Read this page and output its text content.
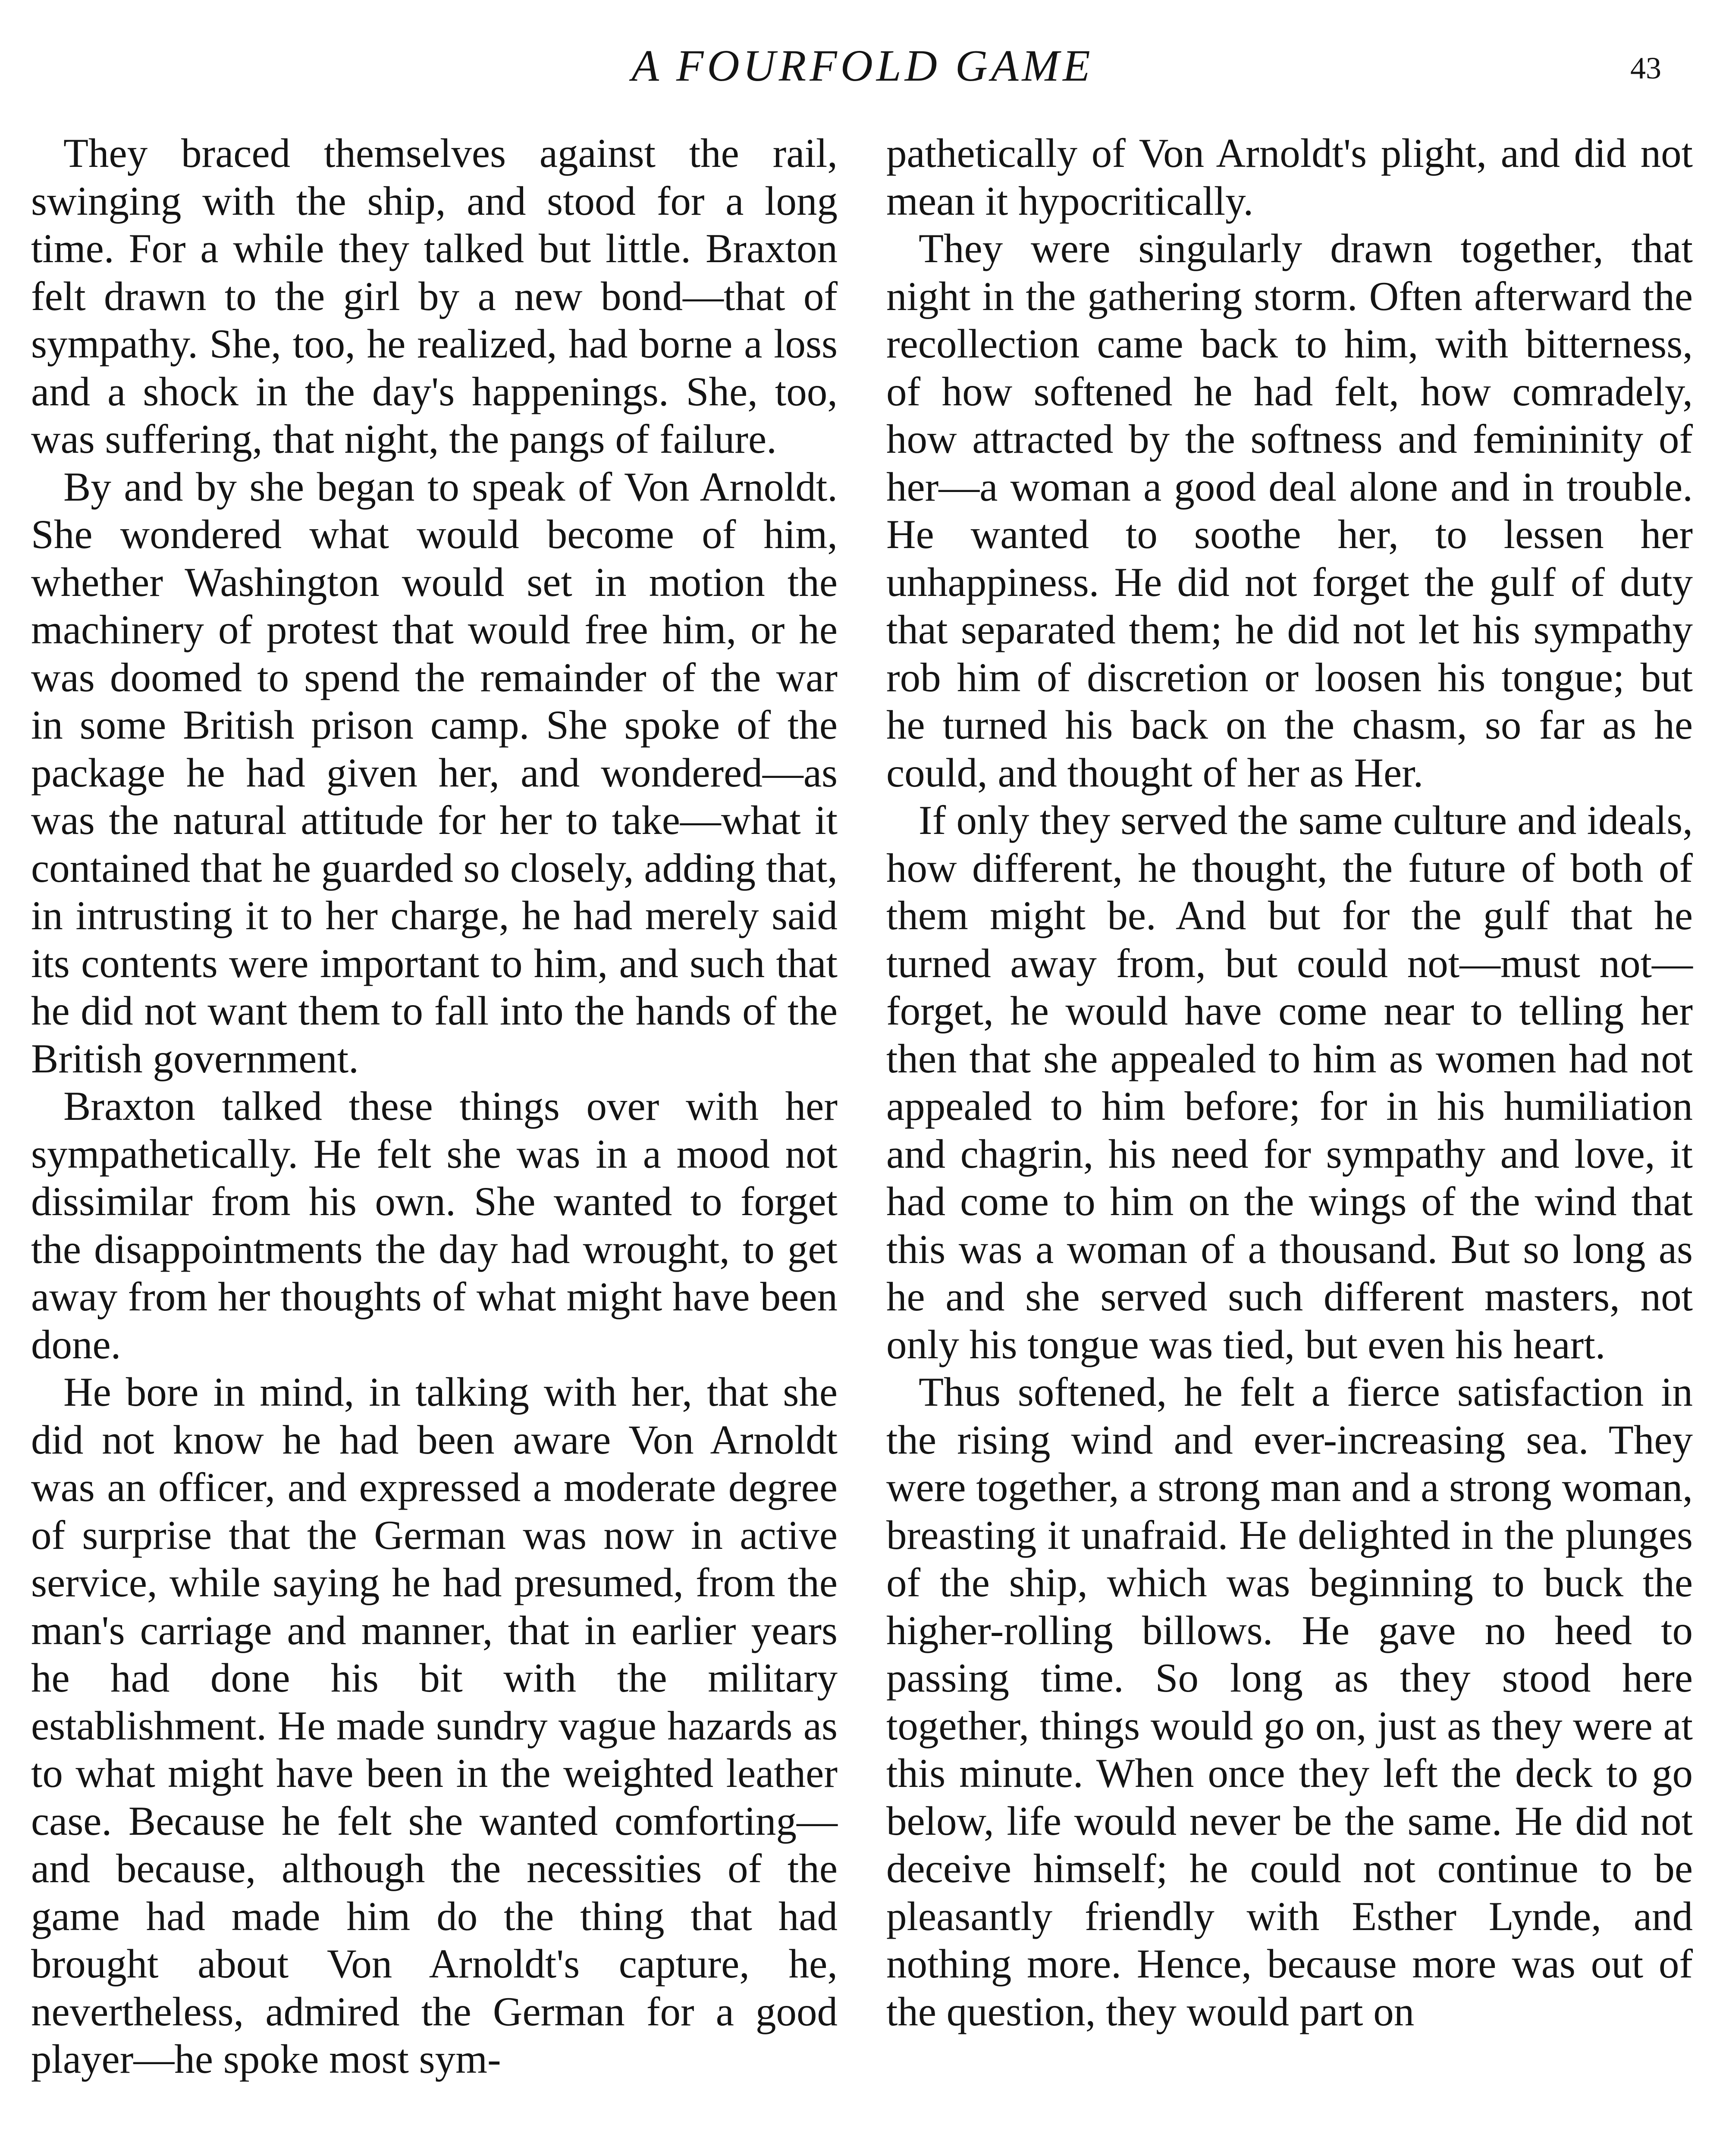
A FOURFOLD GAME	43

They braced themselves against the rail, swinging with the ship, and stood for a long time. For a while they talked but little. Braxton felt drawn to the girl by a new bond—that of sympathy. She, too, he realized, had borne a loss and a shock in the day's happenings. She, too, was suffering, that night, the pangs of failure.

By and by she began to speak of Von Arnoldt. She wondered what would become of him, whether Washington would set in motion the machinery of protest that would free him, or he was doomed to spend the remainder of the war in some British prison camp. She spoke of the package he had given her, and wondered—as was the natural attitude for her to take—what it contained that he guarded so closely, adding that, in intrusting it to her charge, he had merely said its contents were important to him, and such that he did not want them to fall into the hands of the British government.

Braxton talked these things over with her sympathetically. He felt she was in a mood not dissimilar from his own. She wanted to forget the disappointments the day had wrought, to get away from her thoughts of what might have been done.

He bore in mind, in talking with her, that she did not know he had been aware Von Arnoldt was an officer, and expressed a moderate degree of surprise that the German was now in active service, while saying he had presumed, from the man's carriage and manner, that in earlier years he had done his bit with the military establishment. He made sundry vague hazards as to what might have been in the weighted leather case. Because he felt she wanted comforting—and because, although the necessities of the game had made him do the thing that had brought about Von Arnoldt's capture, he, nevertheless, admired the German for a good player—he spoke most sym-

pathetically of Von Arnoldt's plight, and did not mean it hypocritically.

They were singularly drawn together, that night in the gathering storm. Often afterward the recollection came back to him, with bitterness, of how softened he had felt, how comradely, how attracted by the softness and femininity of her—a woman a good deal alone and in trouble. He wanted to soothe her, to lessen her unhappiness. He did not forget the gulf of duty that separated them; he did not let his sympathy rob him of discretion or loosen his tongue; but he turned his back on the chasm, so far as he could, and thought of her as Her.

If only they served the same culture and ideals, how different, he thought, the future of both of them might be. And but for the gulf that he turned away from, but could not—must not—forget, he would have come near to telling her then that she appealed to him as women had not appealed to him before; for in his humiliation and chagrin, his need for sympathy and love, it had come to him on the wings of the wind that this was a woman of a thousand. But so long as he and she served such different masters, not only his tongue was tied, but even his heart.

Thus softened, he felt a fierce satisfaction in the rising wind and ever-increasing sea. They were together, a strong man and a strong woman, breasting it unafraid. He delighted in the plunges of the ship, which was beginning to buck the higher-rolling billows. He gave no heed to passing time. So long as they stood here together, things would go on, just as they were at this minute. When once they left the deck to go below, life would never be the same. He did not deceive himself; he could not continue to be pleasantly friendly with Esther Lynde, and nothing more. Hence, because more was out of the question, they would part on
